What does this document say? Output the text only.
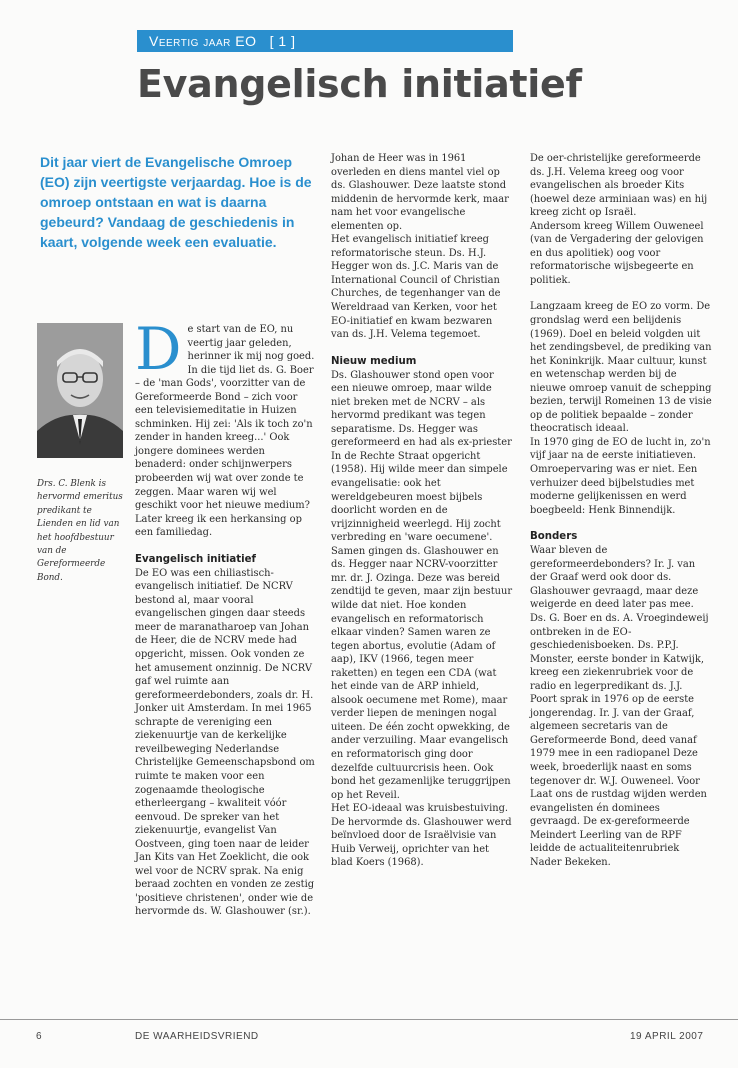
Veertig jaar EO [ 1 ]
Evangelisch initiatief
Dit jaar viert de Evangelische Omroep (EO) zijn veertigste verjaardag. Hoe is de omroep ontstaan en wat is daarna gebeurd? Vandaag de geschiedenis in kaart, volgende week een evaluatie.
Drs. C. Blenk is hervormd emeritus predikant te Lienden en lid van het hoofdbestuur van de Gereformeerde Bond.

De start van de EO, nu veertig jaar geleden, herinner ik mij nog goed. In die tijd liet ds. G. Boer – de 'man Gods', voorzitter van de Gereformeerde Bond – zich voor een televisiemeditatie in Huizen schminken. Hij zei: 'Als ik toch zo'n zender in handen kreeg...' Ook jongere dominees werden benaderd: onder schijnwerpers probeerden wij wat over zonde te zeggen. Maar waren wij wel geschikt voor het nieuwe medium? Later kreeg ik een herkansing op een familiedag.

Evangelisch initiatief

De EO was een chiliastisch-evangelisch initiatief. De NCRV bestond al, maar vooral evangelischen gingen daar steeds meer de maranatharoep van Johan de Heer, die de NCRV mede had opgericht, missen. Ook vonden ze het amusement onzinnig. De NCRV gaf wel ruimte aan gereformeerdebonders, zoals dr. H. Jonker uit Amsterdam. In mei 1965 schrapte de vereniging een ziekenuurtje van de kerkelijke reveilbeweging Nederlandse Christelijke Gemeenschapsbond om ruimte te maken voor een zogenaamde theologische etherleergang – kwaliteit vóór eenvoud. De spreker van het ziekenuurtje, evangelist Van Oostveen, ging toen naar de leider Jan Kits van Het Zoeklicht, die ook wel voor de NCRV sprak. Na enig beraad zochten en vonden ze zestig 'positieve christenen', onder wie de hervormde ds. W. Glashouwer (sr.).

Johan de Heer was in 1961 overleden en diens mantel viel op ds. Glashouwer. Deze laatste stond middenin de hervormde kerk, maar nam het voor evangelische elementen op.

Het evangelisch initiatief kreeg reformatorische steun. Ds. H.J. Hegger won ds. J.C. Maris van de International Council of Christian Churches, de tegenhanger van de Wereldraad van Kerken, voor het EO-initiatief en kwam bezwaren van ds. J.H. Velema tegemoet.

Nieuw medium

Ds. Glashouwer stond open voor een nieuwe omroep, maar wilde niet breken met de NCRV – als hervormd predikant was tegen separatisme. Ds. Hegger was gereformeerd en had als ex-priester In de Rechte Straat opgericht (1958). Hij wilde meer dan simpele evangelisatie: ook het wereldgebeuren moest bijbels doorlicht worden en de vrijzinnigheid weerlegd. Hij zocht verbreding en 'ware oecumene'. Samen gingen ds. Glashouwer en ds. Hegger naar NCRV-voorzitter mr. dr. J. Ozinga. Deze was bereid zendtijd te geven, maar zijn bestuur wilde dat niet. Hoe konden evangelisch en reformatorisch elkaar vinden? Samen waren ze tegen abortus, evolutie (Adam of aap), IKV (1966, tegen meer raketten) en tegen een CDA (wat het einde van de ARP inhield, alsook oecumene met Rome), maar verder liepen de meningen nogal uiteen. De één zocht opwekking, de ander verzuiling. Maar evangelisch en reformatorisch ging door dezelfde cultuurcrisis heen. Ook bond het gezamenlijke teruggrijpen op het Reveil.

Het EO-ideaal was kruisbestuiving. De hervormde ds. Glashouwer werd beïnvloed door de Israëlvisie van Huib Verweij, oprichter van het blad Koers (1968).

De oer-christelijke gereformeerde ds. J.H. Velema kreeg oog voor evangelischen als broeder Kits (hoewel deze arminiaan was) en hij kreeg zicht op Israël.

Andersom kreeg Willem Ouweneel (van de Vergadering der gelovigen en dus apolitiek) oog voor reformatorische wijsbegeerte en politiek.

Langzaam kreeg de EO zo vorm. De grondslag werd een belijdenis (1969). Doel en beleid volgden uit het zendingsbevel, de prediking van het Koninkrijk. Maar cultuur, kunst en wetenschap werden bij de nieuwe omroep vanuit de schepping bezien, terwijl Romeinen 13 de visie op de politiek bepaalde – zonder theocratisch ideaal.

In 1970 ging de EO de lucht in, zo'n vijf jaar na de eerste initiatieven. Omroepervaring was er niet. Een verhuizer deed bijbelstudies met moderne gelijkenissen en werd boegbeeld: Henk Binnendijk.

Bonders

Waar bleven de gereformeerdebonders? Ir. J. van der Graaf werd ook door ds. Glashouwer gevraagd, maar deze weigerde en deed later pas mee. Ds. G. Boer en ds. A. Vroegindeweij ontbreken in de EO-geschiedenisboeken. Ds. P.P.J. Monster, eerste bonder in Katwijk, kreeg een ziekenrubriek voor de radio en legerpredikant ds. J.J. Poort sprak in 1976 op de eerste jongerendag. Ir. J. van der Graaf, algemeen secretaris van de Gereformeerde Bond, deed vanaf 1979 mee in een radiopanel Deze week, broederlijk naast en soms tegenover dr. W.J. Ouweneel. Voor Laat ons de rustdag wijden werden evangelisten én dominees gevraagd. De ex-gereformeerde Meindert Leerling van de RPF leidde de actualiteitenrubriek Nader Bekeken.

6	DE WAARHEIDSVRIEND	19 APRIL 2007
